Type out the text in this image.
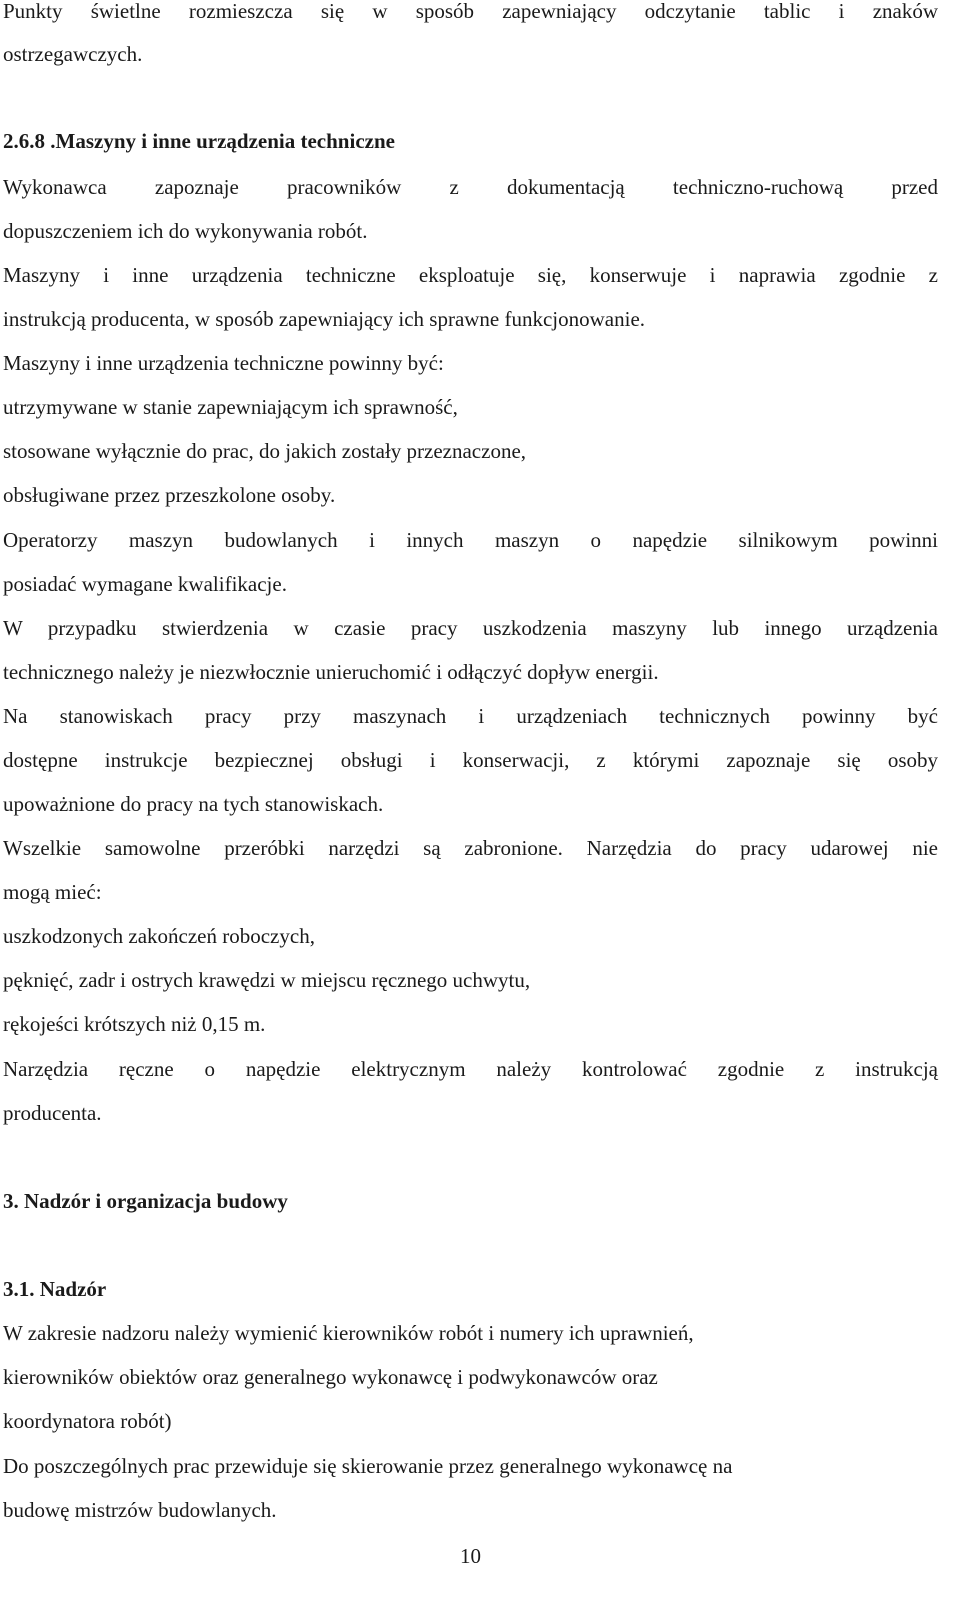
Punkty świetlne rozmieszcza się w sposób zapewniający odczytanie tablic i znaków
ostrzegawczych.
2.6.8 .Maszyny i inne urządzenia techniczne
Wykonawca zapoznaje pracowników z dokumentacją techniczno-ruchową przed
dopuszczeniem ich do wykonywania robót.
Maszyny i inne urządzenia techniczne eksploatuje się, konserwuje i naprawia zgodnie z
instrukcją producenta, w sposób zapewniający ich sprawne funkcjonowanie.
Maszyny i inne urządzenia techniczne powinny być:
utrzymywane w stanie zapewniającym ich sprawność,
stosowane wyłącznie do prac, do jakich zostały przeznaczone,
obsługiwane przez przeszkolone osoby.
Operatorzy maszyn budowlanych i innych maszyn o napędzie silnikowym powinni
posiadać wymagane kwalifikacje.
W przypadku stwierdzenia w czasie pracy uszkodzenia maszyny lub innego urządzenia
technicznego należy je niezwłocznie unieruchomić i odłączyć dopływ energii.
Na stanowiskach pracy przy maszynach i urządzeniach technicznych powinny być
dostępne instrukcje bezpiecznej obsługi i konserwacji, z którymi zapoznaje się osoby
upoważnione do pracy na tych stanowiskach.
Wszelkie samowolne przeróbki narzędzi są zabronione. Narzędzia do pracy udarowej nie
mogą mieć:
uszkodzonych zakończeń roboczych,
pęknięć, zadr i ostrych krawędzi w miejscu ręcznego uchwytu,
rękojeści krótszych niż 0,15 m.
Narzędzia ręczne o napędzie elektrycznym należy kontrolować zgodnie z instrukcją
producenta.
3. Nadzór i organizacja budowy
3.1. Nadzór
W zakresie nadzoru należy wymienić kierowników robót i numery ich uprawnień,
kierowników obiektów oraz generalnego wykonawcę i podwykonawców oraz
koordynatora robót)
Do poszczególnych prac przewiduje się skierowanie przez generalnego wykonawcę na
budowę mistrzów budowlanych.
10
